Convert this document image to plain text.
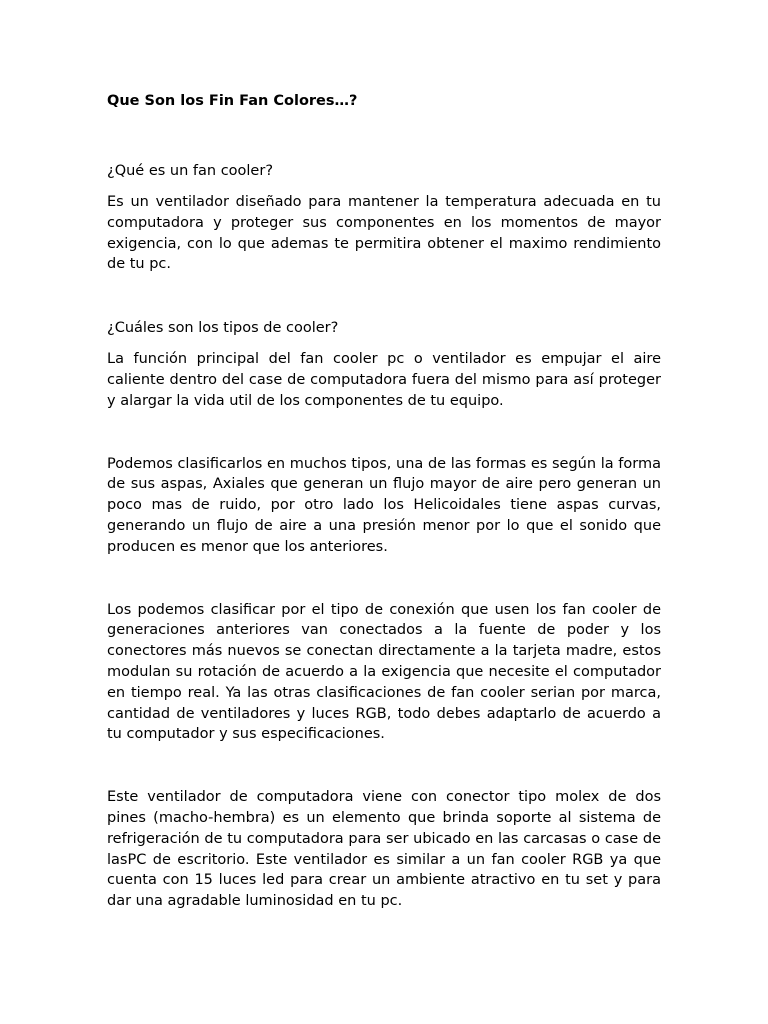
Que Son los Fin Fan Colores…?

¿Qué es un fan cooler?

Es un ventilador diseñado para mantener la temperatura adecuada en tu computadora y proteger sus componentes en los momentos de mayor exigencia, con lo que ademas te permitira obtener el maximo rendimiento de tu pc.

¿Cuáles son los tipos de cooler?

La función principal del fan cooler pc o ventilador es empujar el aire caliente dentro del case de computadora fuera del mismo para así proteger y alargar la vida util de los componentes de tu equipo.

Podemos clasificarlos en muchos tipos, una de las formas es según la forma de sus aspas, Axiales que generan un flujo mayor de aire pero generan un poco mas de ruido, por otro lado los Helicoidales tiene aspas curvas, generando un flujo de aire a una presión menor por lo que el sonido que producen es menor que los anteriores.

Los podemos clasificar por el tipo de conexión que usen los fan cooler de generaciones anteriores van conectados a la fuente de poder y los conectores más nuevos se conectan directamente a la tarjeta madre, estos modulan su rotación de acuerdo a la exigencia que necesite el computador en tiempo real. Ya las otras clasificaciones de fan cooler serian por marca, cantidad de ventiladores y luces RGB, todo debes adaptarlo de acuerdo a tu computador y sus especificaciones.

Este ventilador de computadora viene con conector tipo molex de dos pines (macho-hembra) es un elemento que brinda soporte al sistema de refrigeración de tu computadora para ser ubicado en las carcasas o case de lasPC de escritorio. Este ventilador es similar a un fan cooler RGB ya que cuenta con 15 luces led para crear un ambiente atractivo en tu set y para dar una agradable luminosidad en tu pc.
